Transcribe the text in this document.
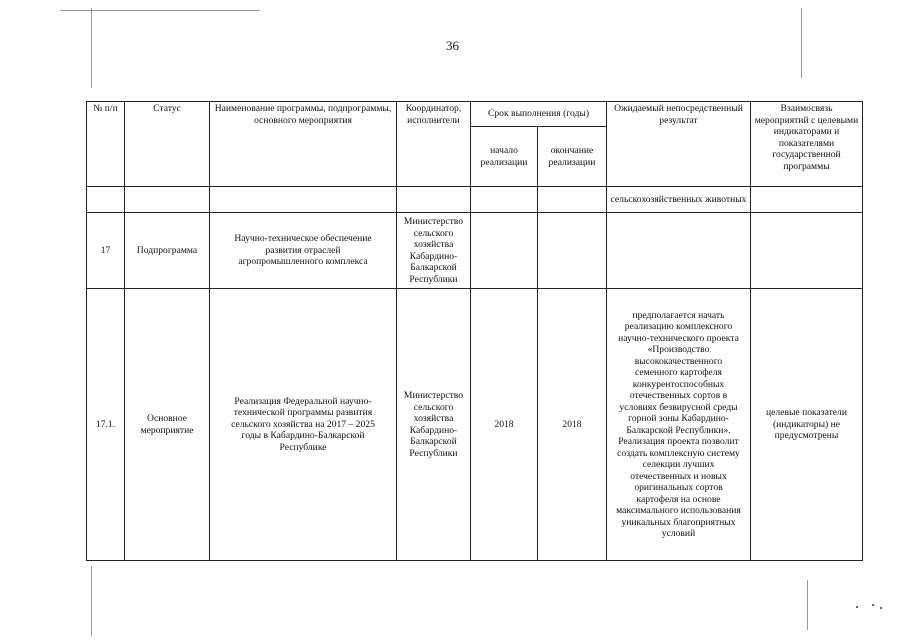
36
№ п/п	Статус	Наименование программы, подпрограммы, основного мероприятия	Координатор, исполнители	Срок выполнения (годы)		Ожидаемый непосредственный результат	Взаимосвязь мероприятий с целевыми индикаторами и показателями государственной программы
				начало реализации	окончание реализации		
						сельскохозяйственных животных	
17	Подпрограмма	Научно-техническое обеспечение развития отраслей агропромышленного комплекса	Министерство сельского хозяйства Кабардино-Балкарской Республики				
17.1.	Основное мероприятие	Реализация Федеральной научно-технической программы развития сельского хозяйства на 2017 – 2025 годы в Кабардино-Балкарской Республике	Министерство сельского хозяйства Кабардино-Балкарской Республики	2018	2018	предполагается начать реализацию комплексного научно-технического проекта «Производство высококачественного семенного картофеля конкурентоспособных отечественных сортов в условиях безвирусной среды горной зоны Кабардино-Балкарской Республики». Реализация проекта позволит создать комплексную систему селекции лучших отечественных и новых оригинальных сортов картофеля на основе максимального использования уникальных благоприятных условий	целевые показатели (индикаторы) не предусмотрены
